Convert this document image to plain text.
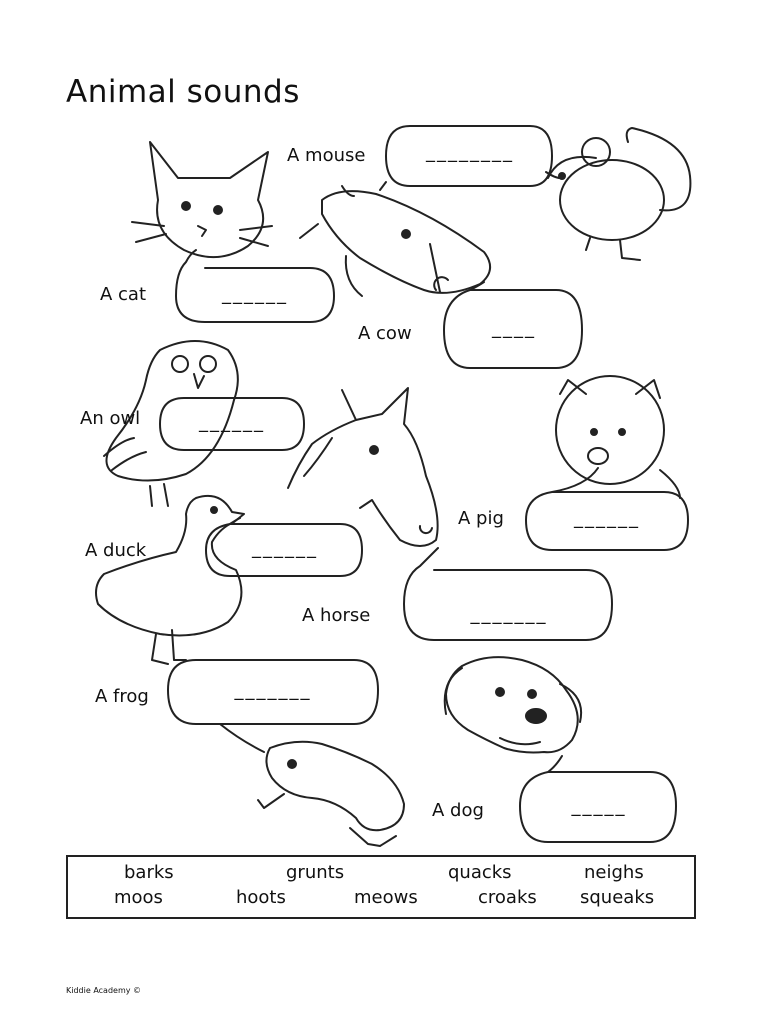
Animal sounds
A mouse
A cat
A cow
An owl
A pig
A duck
A horse
A frog
A dog
________
______
____
______
______
______
_______
_______
_____
barks	grunts	quacks	neighs
moos	hoots	meows	croaks squeaks
Kiddie Academy ©
